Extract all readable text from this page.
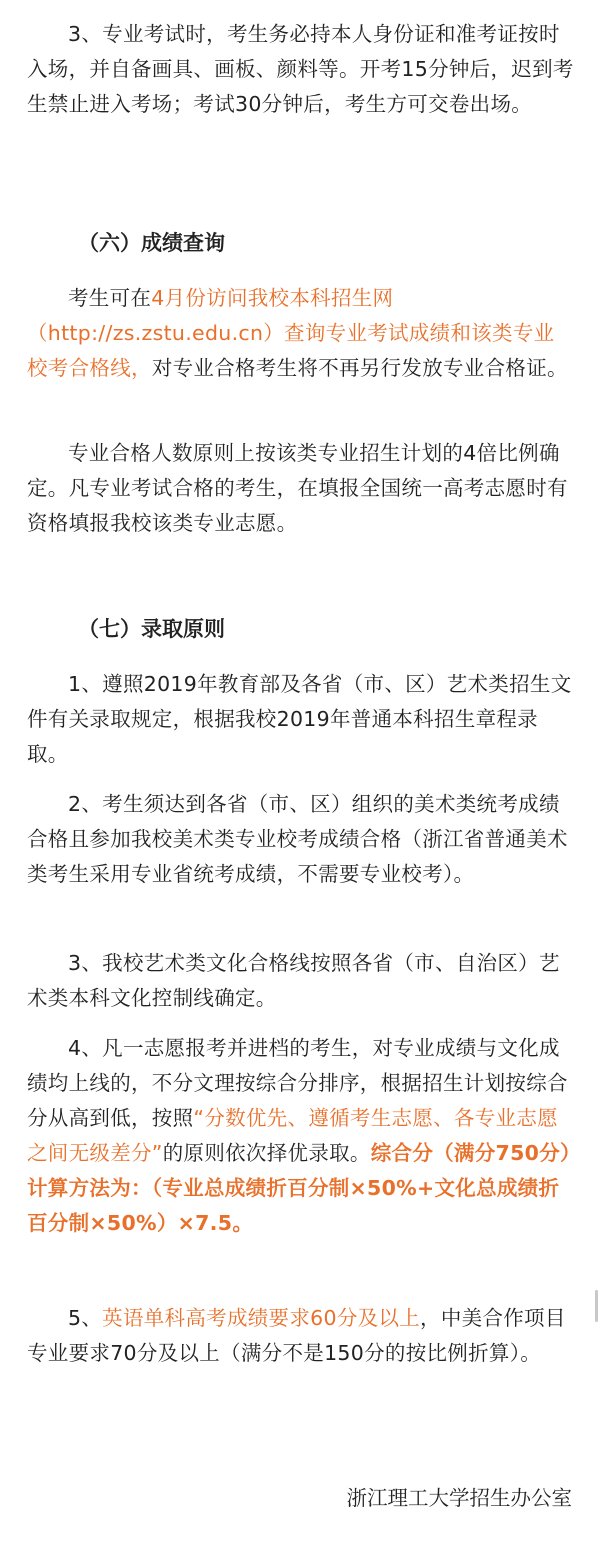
3、专业考试时，考生务必持本人身份证和准考证按时入场，并自备画具、画板、颜料等。开考15分钟后，迟到考生禁止进入考场；考试30分钟后，考生方可交卷出场。

（六）成绩查询

考生可在4月份访问我校本科招生网（http://zs.zstu.edu.cn）查询专业考试成绩和该类专业校考合格线，对专业合格考生将不再另行发放专业合格证。

专业合格人数原则上按该类专业招生计划的4倍比例确定。凡专业考试合格的考生，在填报全国统一高考志愿时有资格填报我校该类专业志愿。

（七）录取原则

1、遵照2019年教育部及各省（市、区）艺术类招生文件有关录取规定，根据我校2019年普通本科招生章程录取。

2、考生须达到各省（市、区）组织的美术类统考成绩合格且参加我校美术类专业校考成绩合格（浙江省普通美术类考生采用专业省统考成绩，不需要专业校考）。

3、我校艺术类文化合格线按照各省（市、自治区）艺术类本科文化控制线确定。

4、凡一志愿报考并进档的考生，对专业成绩与文化成绩均上线的，不分文理按综合分排序，根据招生计划按综合分从高到低，按照“分数优先、遵循考生志愿、各专业志愿之间无级差分”的原则依次择优录取。综合分（满分750分）计算方法为：（专业总成绩折百分制×50%+文化总成绩折百分制×50%）×7.5。

5、英语单科高考成绩要求60分及以上，中美合作项目专业要求70分及以上（满分不是150分的按比例折算）。

浙江理工大学招生办公室
